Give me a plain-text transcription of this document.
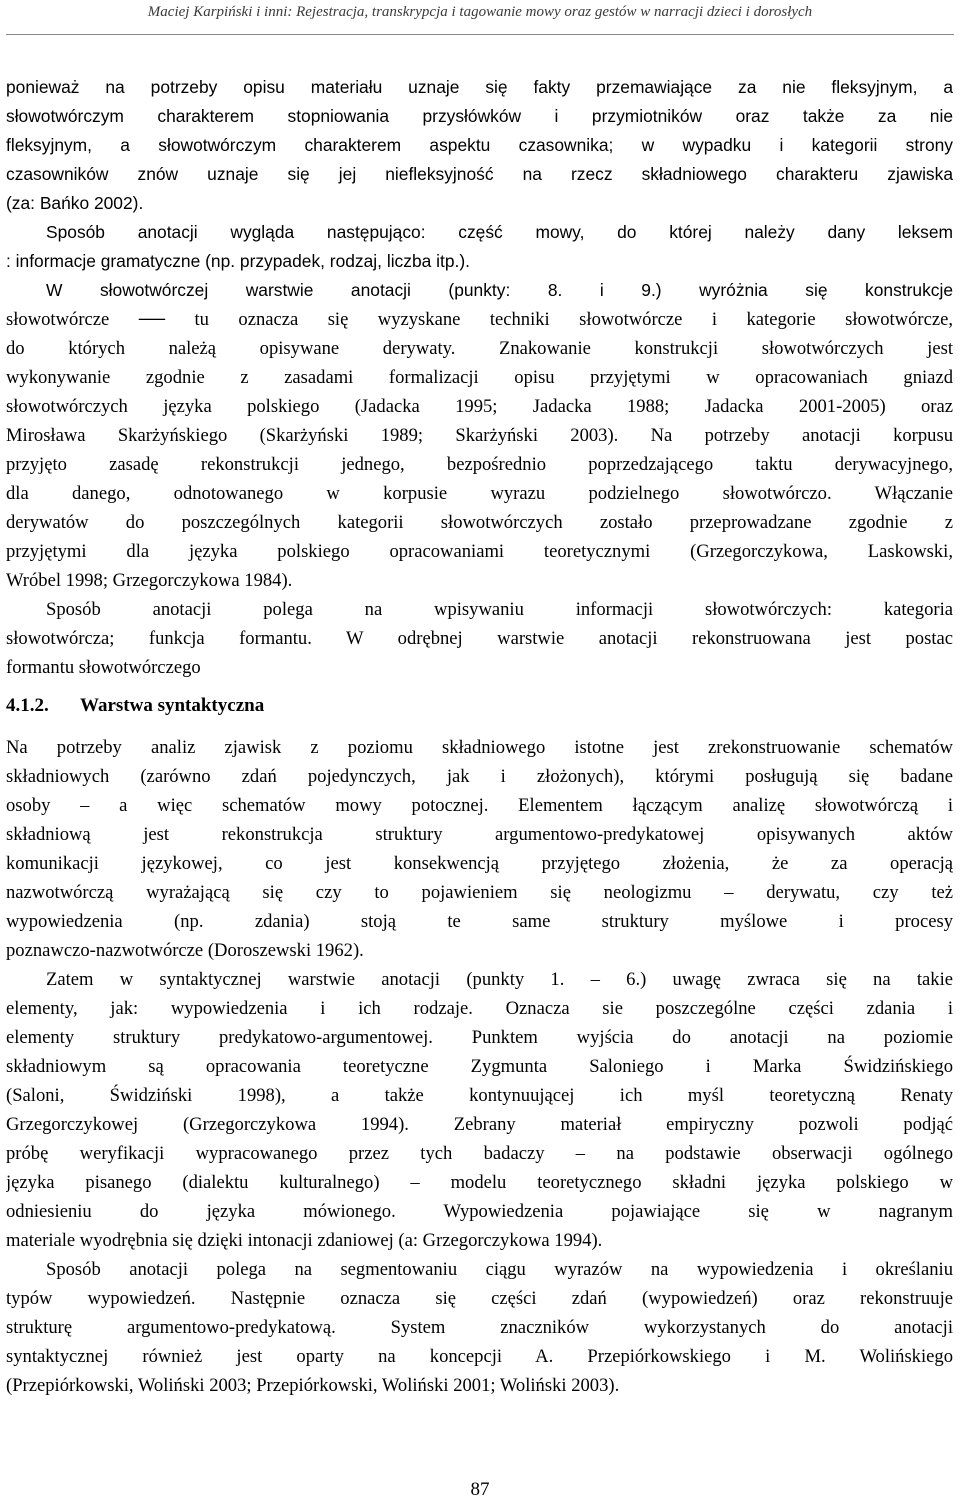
Maciej Karpiński i inni: Rejestracja, transkrypcja i tagowanie mowy oraz gestów w narracji dzieci i dorosłych
ponieważ na potrzeby opisu materiału uznaje się fakty przemawiające za nie fleksyjnym, a
słowotwórczym charakterem stopniowania przysłówków i przymiotników oraz także za nie
fleksyjnym, a słowotwórczym charakterem aspektu czasownika; w wypadku i kategorii strony
czasowników znów uznaje się jej niefleksyjność na rzecz składniowego charakteru zjawiska
(za: Bańko 2002).
Sposób anotacji wygląda następująco: część mowy, do której należy dany leksem
: informacje gramatyczne (np. przypadek, rodzaj, liczba itp.).
W słowotwórczej warstwie anotacji (punkty: 8. i 9.) wyróżnia się konstrukcje
słowotwórcze ── tu oznacza się wyzyskane techniki słowotwórcze i kategorie słowotwórcze,
do których należą opisywane derywaty. Znakowanie konstrukcji słowotwórczych jest
wykonywanie zgodnie z zasadami formalizacji opisu przyjętymi w opracowaniach gniazd
słowotwórczych języka polskiego (Jadacka 1995; Jadacka 1988; Jadacka 2001-2005) oraz
Mirosława Skarżyńskiego (Skarżyński 1989; Skarżyński 2003). Na potrzeby anotacji korpusu
przyjęto zasadę rekonstrukcji jednego, bezpośrednio poprzedzającego taktu derywacyjnego,
dla danego, odnotowanego w korpusie wyrazu podzielnego słowotwórczo. Włączanie
derywatów do poszczególnych kategorii słowotwórczych zostało przeprowadzane zgodnie z
przyjętymi dla języka polskiego opracowaniami teoretycznymi (Grzegorczykowa, Laskowski,
Wróbel 1998; Grzegorczykowa 1984).
Sposób anotacji polega na wpisywaniu informacji słowotwórczych: kategoria
słowotwórcza; funkcja formantu. W odrębnej warstwie anotacji rekonstruowana jest postac
formantu słowotwórczego
4.1.2. Warstwa syntaktyczna
Na potrzeby analiz zjawisk z poziomu składniowego istotne jest zrekonstruowanie schematów
składniowych (zarówno zdań pojedynczych, jak i złożonych), którymi posługują się badane
osoby – a więc schematów mowy potocznej. Elementem łączącym analizę słowotwórczą i
składniową jest rekonstrukcja struktury argumentowo-predykatowej opisywanych aktów
komunikacji językowej, co jest konsekwencją przyjętego złożenia, że za operacją
nazwotwórczą wyrażającą się czy to pojawieniem się neologizmu – derywatu, czy też
wypowiedzenia (np. zdania) stoją te same struktury myślowe i procesy
poznawczo-nazwotwórcze (Doroszewski 1962).
Zatem w syntaktycznej warstwie anotacji (punkty 1. – 6.) uwagę zwraca się na takie
elementy, jak: wypowiedzenia i ich rodzaje. Oznacza sie poszczególne części zdania i
elementy struktury predykatowo-argumentowej. Punktem wyjścia do anotacji na poziomie
składniowym są opracowania teoretyczne Zygmunta Saloniego i Marka Świdzińskiego
(Saloni, Świdziński 1998), a także kontynuującej ich myśl teoretyczną Renaty
Grzegorczykowej (Grzegorczykowa 1994). Zebrany materiał empiryczny pozwoli podjąć
próbę weryfikacji wypracowanego przez tych badaczy – na podstawie obserwacji ogólnego
języka pisanego (dialektu kulturalnego) – modelu teoretycznego składni języka polskiego w
odniesieniu do języka mówionego. Wypowiedzenia pojawiające się w nagranym
materiale wyodrębnia się dzięki intonacji zdaniowej (a: Grzegorczykowa 1994).
Sposób anotacji polega na segmentowaniu ciągu wyrazów na wypowiedzenia i określaniu
typów wypowiedzeń. Następnie oznacza się części zdań (wypowiedzeń) oraz rekonstruuje
strukturę argumentowo-predykatową. System znaczników wykorzystanych do anotacji
syntaktycznej również jest oparty na koncepcji A. Przepiórkowskiego i M. Wolińskiego
(Przepiórkowski, Woliński 2003; Przepiórkowski, Woliński 2001; Woliński 2003).
87
